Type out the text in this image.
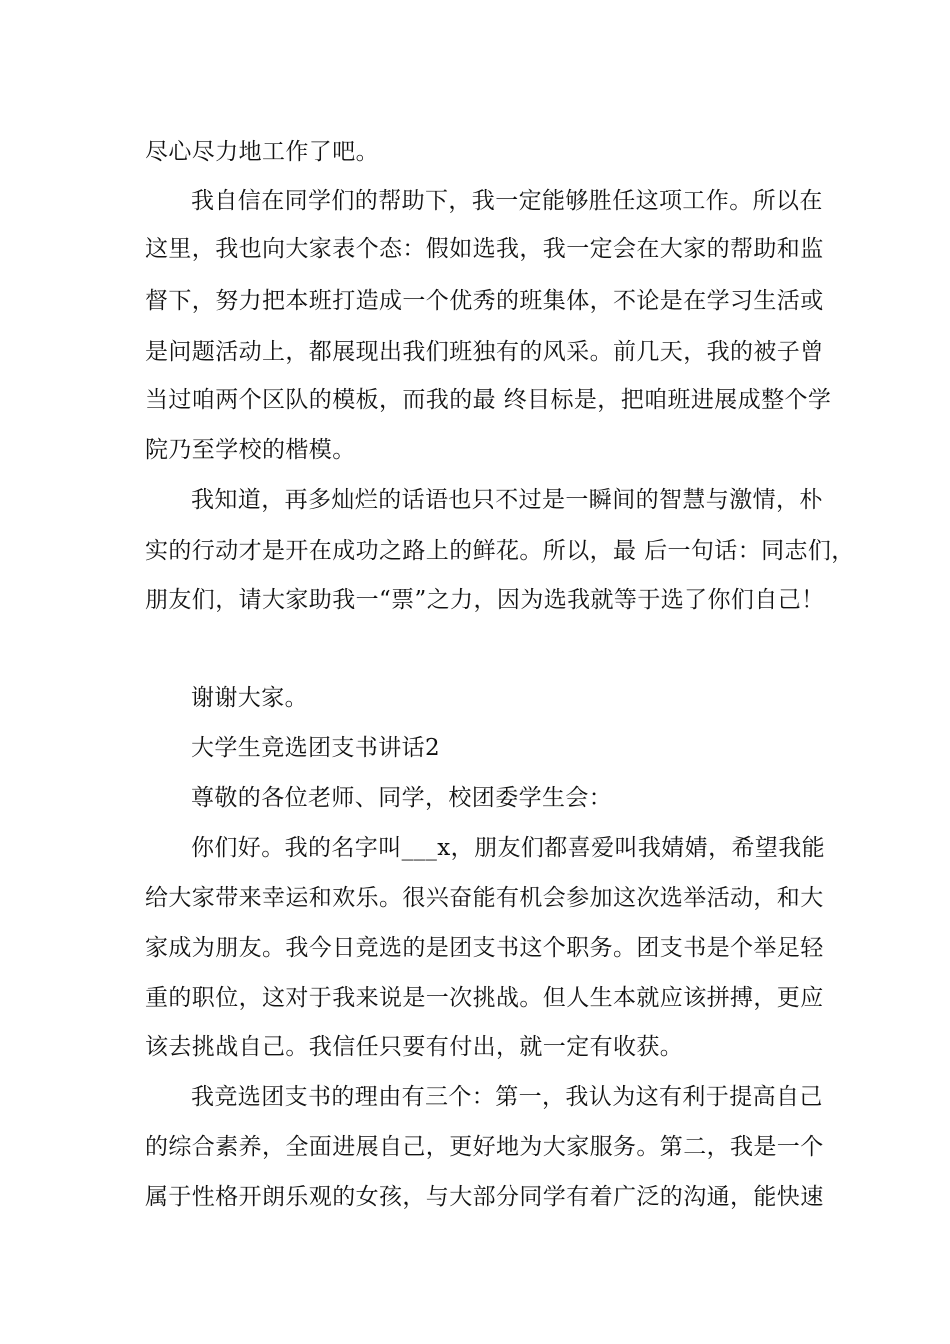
尽心尽力地工作了吧。
我自信在同学们的帮助下，我一定能够胜任这项工作。所以在
这里，我也向大家表个态：假如选我，我一定会在大家的帮助和监
督下，努力把本班打造成一个优秀的班集体，不论是在学习生活或
是问题活动上，都展现出我们班独有的风采。前几天，我的被子曾
当过咱两个区队的模板，而我的最 终目标是，把咱班进展成整个学
院乃至学校的楷模。
我知道，再多灿烂的话语也只不过是一瞬间的智慧与激情，朴
实的行动才是开在成功之路上的鲜花。所以，最 后一句话：同志们，
朋友们，请大家助我一“票”之力，因为选我就等于选了你们自己！
谢谢大家。
大学生竞选团支书讲话2
尊敬的各位老师、同学，校团委学生会：
你们好。我的名字叫___x，朋友们都喜爱叫我婧婧，希望我能
给大家带来幸运和欢乐。很兴奋能有机会参加这次选举活动，和大
家成为朋友。我今日竞选的是团支书这个职务。团支书是个举足轻
重的职位，这对于我来说是一次挑战。但人生本就应该拼搏，更应
该去挑战自己。我信任只要有付出，就一定有收获。
我竞选团支书的理由有三个：第一，我认为这有利于提高自己
的综合素养，全面进展自己，更好地为大家服务。第二，我是一个
属于性格开朗乐观的女孩，与大部分同学有着广泛的沟通，能快速
